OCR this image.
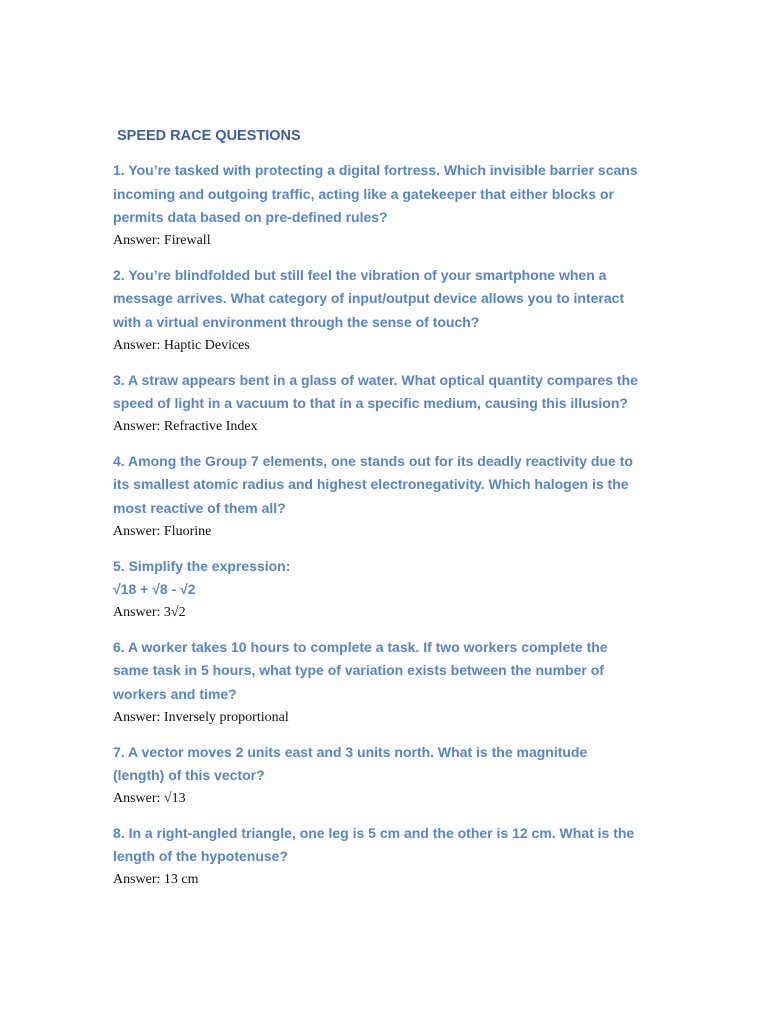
SPEED RACE QUESTIONS

1. You’re tasked with protecting a digital fortress. Which invisible barrier scans
incoming and outgoing traffic, acting like a gatekeeper that either blocks or
permits data based on pre-defined rules?

Answer: Firewall

2. You’re blindfolded but still feel the vibration of your smartphone when a
message arrives. What category of input/output device allows you to interact
with a virtual environment through the sense of touch?

Answer: Haptic Devices

3. A straw appears bent in a glass of water. What optical quantity compares the
speed of light in a vacuum to that in a specific medium, causing this illusion?

Answer: Refractive Index

4. Among the Group 7 elements, one stands out for its deadly reactivity due to
its smallest atomic radius and highest electronegativity. Which halogen is the
most reactive of them all?

Answer: Fluorine

5. Simplify the expression:
√18 + √8 - √2

Answer: 3√2

6. A worker takes 10 hours to complete a task. If two workers complete the
same task in 5 hours, what type of variation exists between the number of
workers and time?

Answer: Inversely proportional

7. A vector moves 2 units east and 3 units north. What is the magnitude
(length) of this vector?

Answer: √13

8. In a right-angled triangle, one leg is 5 cm and the other is 12 cm. What is the
length of the hypotenuse?

Answer: 13 cm
